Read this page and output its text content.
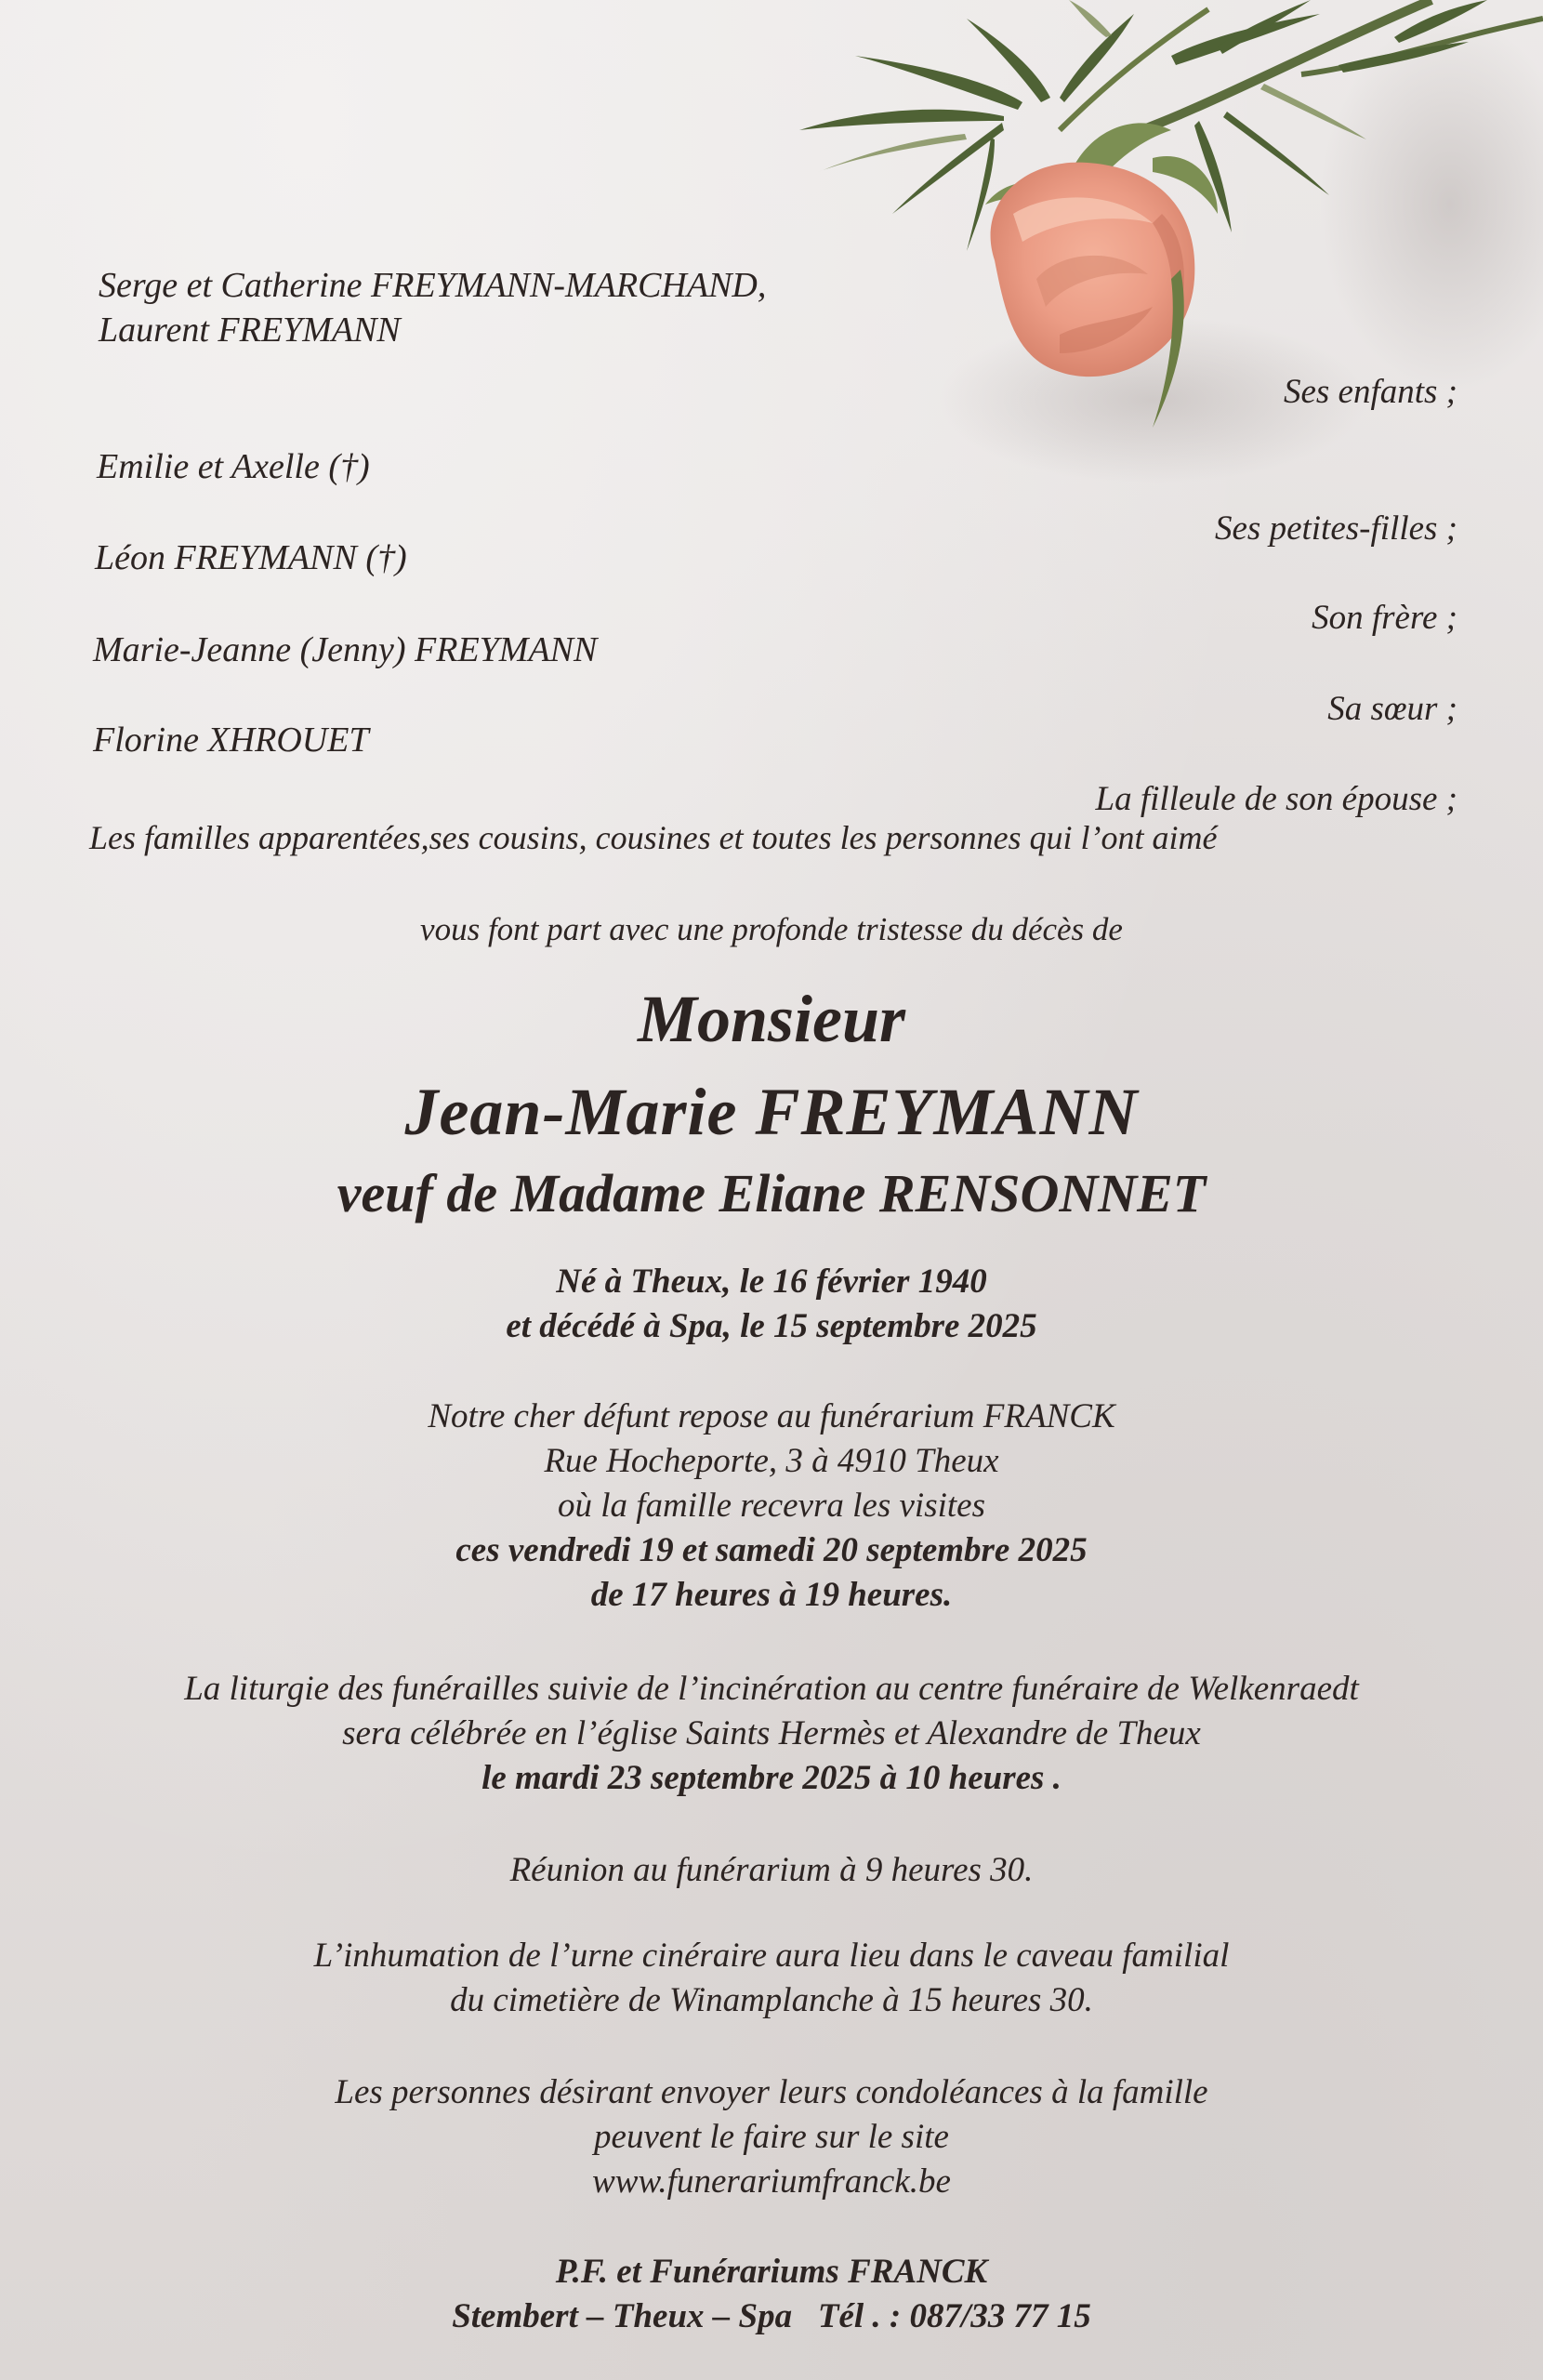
Serge et Catherine FREYMANN-MARCHAND,
Laurent FREYMANN
Ses enfants ;
Emilie et Axelle (†)
Ses petites-filles ;
Léon FREYMANN (†)
Son frère ;
Marie-Jeanne (Jenny) FREYMANN
Sa sœur ;
Florine XHROUET
La filleule de son épouse ;
Les familles apparentées,ses cousins, cousines et toutes les personnes qui l’ont aimé
vous font part avec une profonde tristesse du décès de
Monsieur
Jean-Marie FREYMANN
veuf de Madame Eliane RENSONNET
Né à Theux, le 16 février 1940
et décédé à Spa, le 15 septembre 2025
Notre cher défunt repose au funérarium FRANCK
Rue Hocheporte, 3 à 4910 Theux
où la famille recevra les visites
ces vendredi 19 et samedi 20 septembre 2025
de 17 heures à 19 heures.
La liturgie des funérailles suivie de l’incinération au centre funéraire de Welkenraedt
sera célébrée en l’église Saints Hermès et Alexandre de Theux
le mardi 23 septembre 2025 à 10 heures .
Réunion au funérarium à 9 heures 30.
L’inhumation de l’urne cinéraire aura lieu dans le caveau familial
du cimetière de Winamplanche à 15 heures 30.
Les personnes désirant envoyer leurs condoléances à la famille
peuvent le faire sur le site
www.funerariumfranck.be
P.F. et Funérariums FRANCK
Stembert – Theux – Spa   Tél . : 087/33 77 15
